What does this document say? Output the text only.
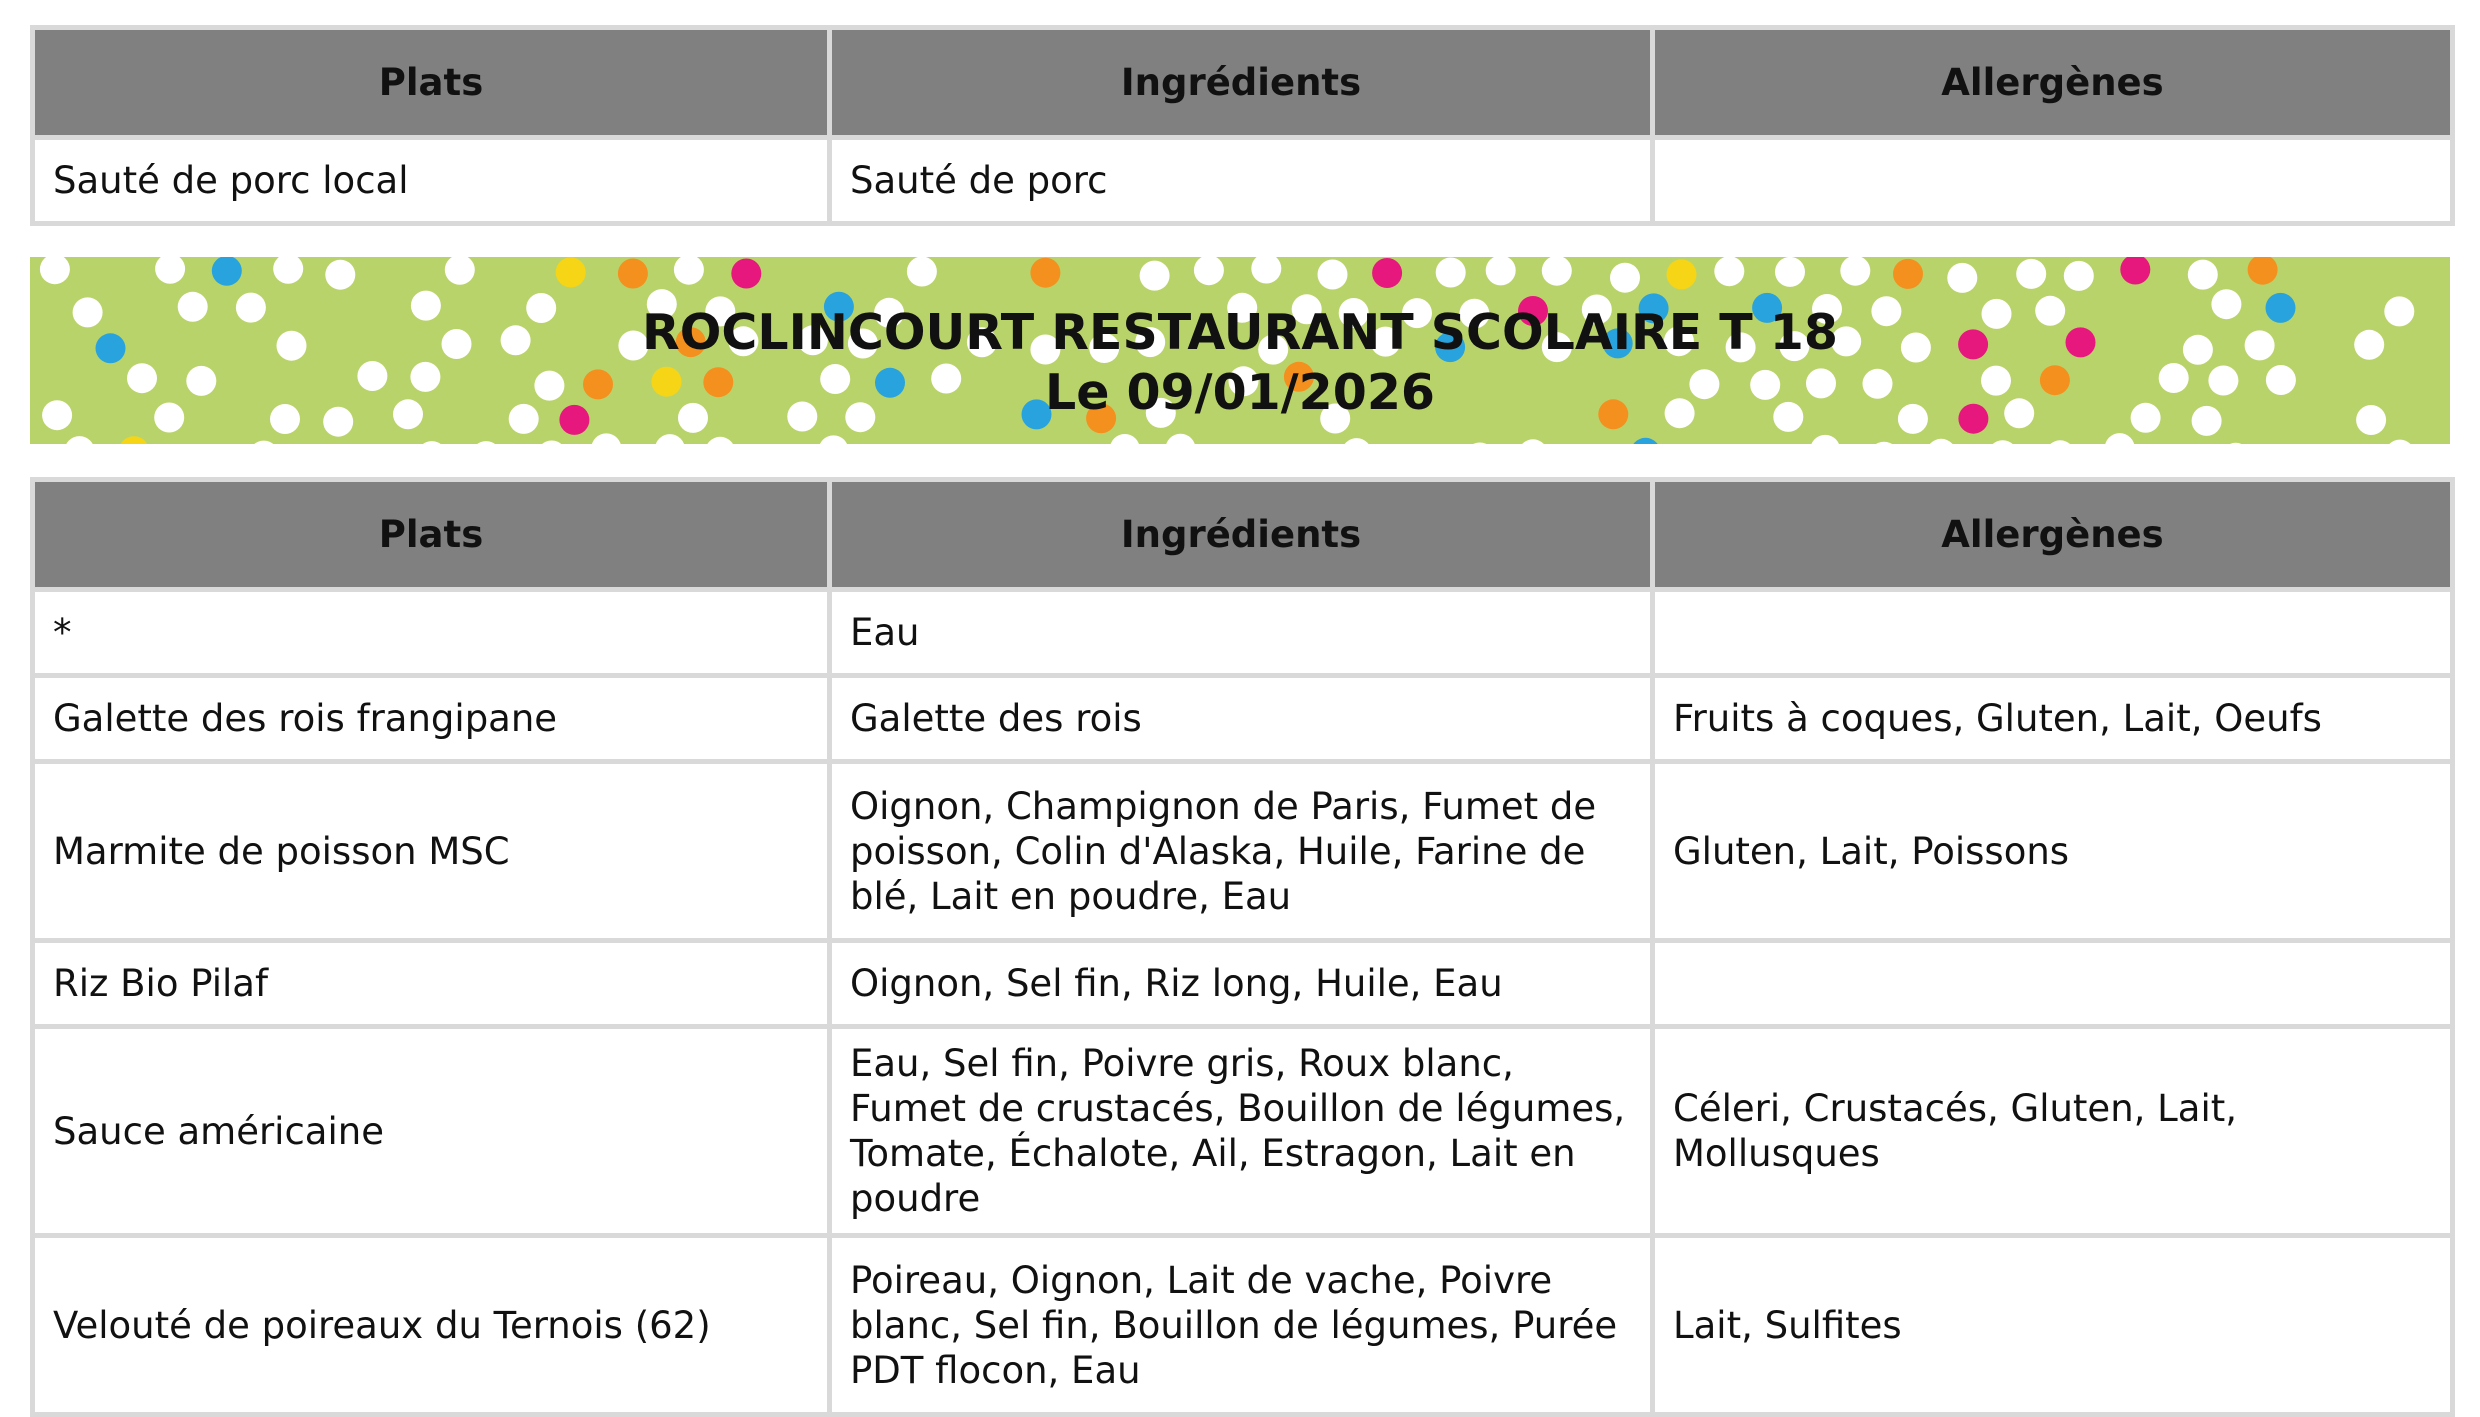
Plats	Ingrédients	Allergènes
Sauté de porc local	Sauté de porc	
ROCLINCOURT RESTAURANT SCOLAIRE T 18
Le 09/01/2026
Plats	Ingrédients	Allergènes
*	Eau	
Galette des rois frangipane	Galette des rois	Fruits à coques, Gluten, Lait, Oeufs
Marmite de poisson MSC	Oignon, Champignon de Paris, Fumet de poisson, Colin d'Alaska, Huile, Farine de blé, Lait en poudre, Eau	Gluten, Lait, Poissons
Riz Bio Pilaf	Oignon, Sel fin, Riz long, Huile, Eau	
Sauce américaine	Eau, Sel fin, Poivre gris, Roux blanc, Fumet de crustacés, Bouillon de légumes, Tomate, Échalote, Ail, Estragon, Lait en poudre	Céleri, Crustacés, Gluten, Lait, Mollusques
Velouté de poireaux du Ternois (62)	Poireau, Oignon, Lait de vache, Poivre blanc, Sel fin, Bouillon de légumes, Purée PDT flocon, Eau	Lait, Sulfites
